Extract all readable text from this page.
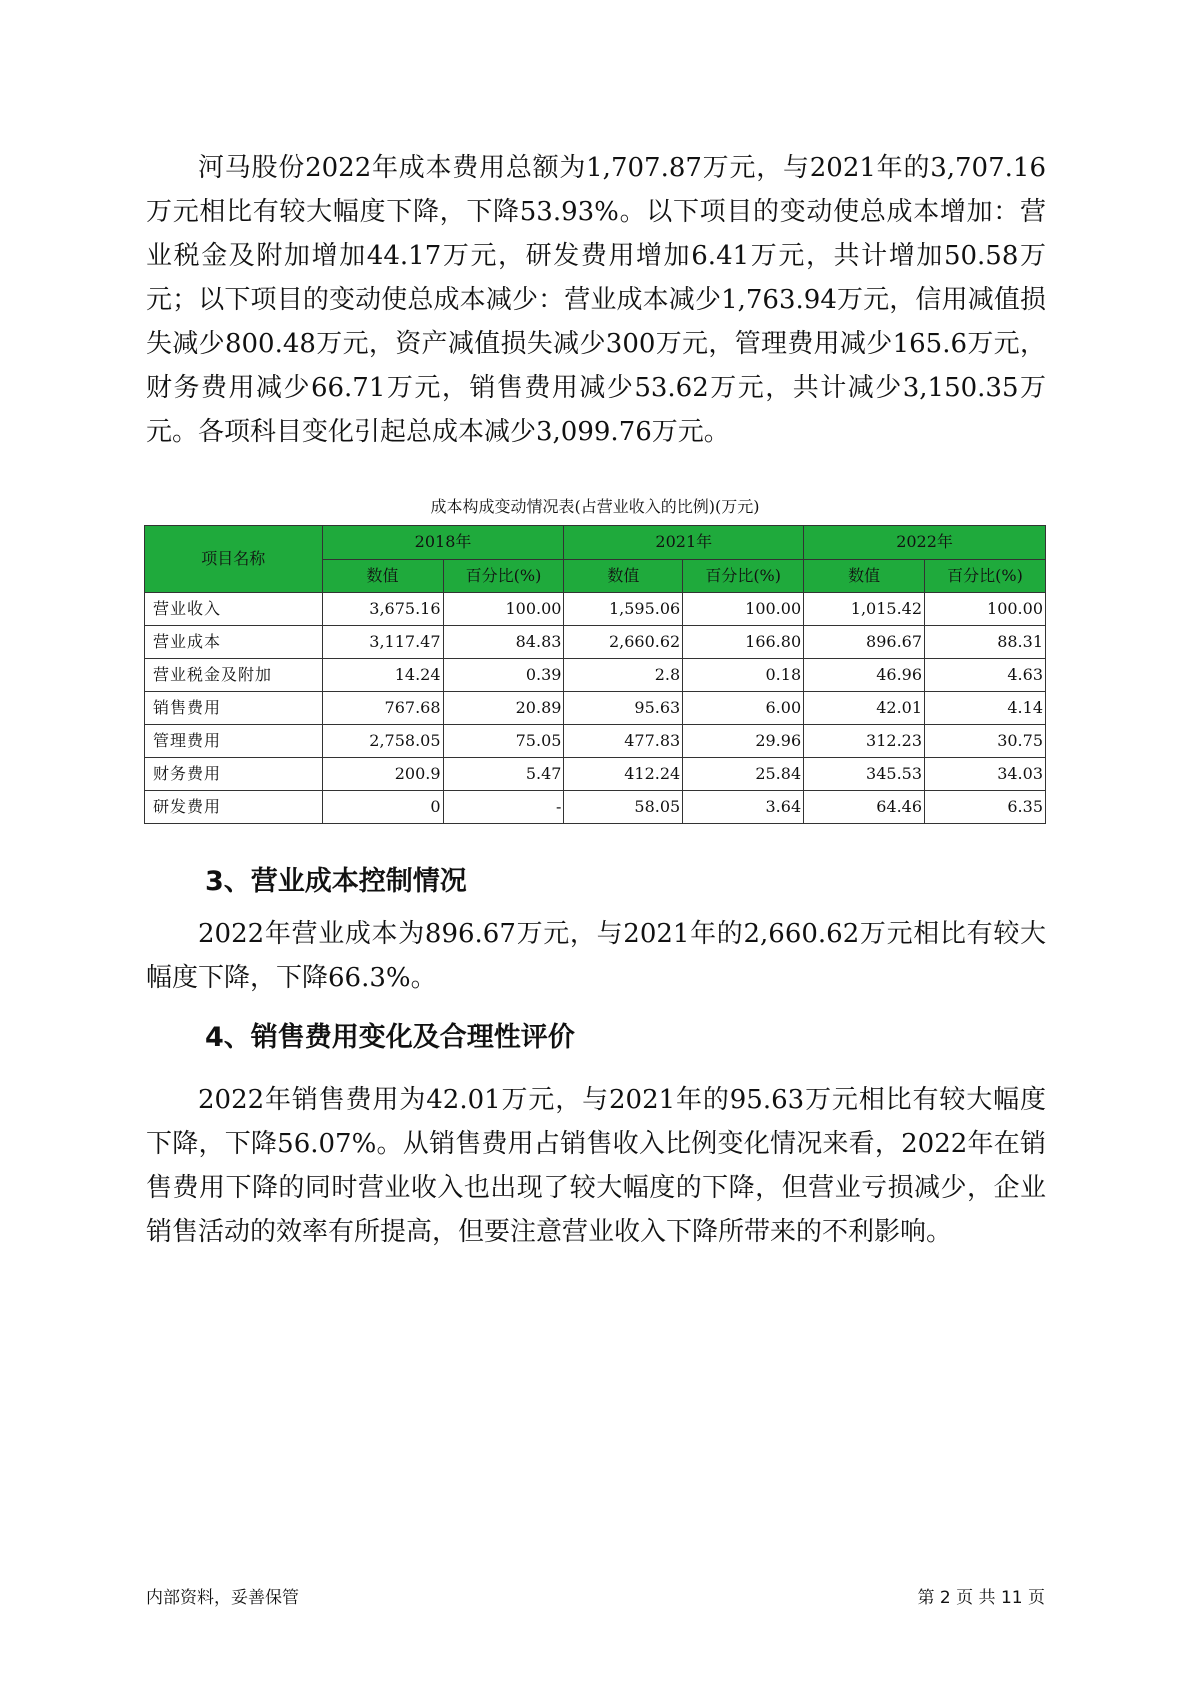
河马股份2022年成本费用总额为1,707.87万元，与2021年的3,707.16万元相比有较大幅度下降，下降53.93%。以下项目的变动使总成本增加：营业税金及附加增加44.17万元，研发费用增加6.41万元，共计增加50.58万元；以下项目的变动使总成本减少：营业成本减少1,763.94万元，信用减值损失减少800.48万元，资产减值损失减少300万元，管理费用减少165.6万元，财务费用减少66.71万元，销售费用减少53.62万元，共计减少3,150.35万元。各项科目变化引起总成本减少3,099.76万元。

成本构成变动情况表(占营业收入的比例)(万元)
项目名称	2018年		2021年		2022年	
	数值	百分比(%)	数值	百分比(%)	数值	百分比(%)
营业收入	3,675.16	100.00	1,595.06	100.00	1,015.42	100.00
营业成本	3,117.47	84.83	2,660.62	166.80	896.67	88.31
营业税金及附加	14.24	0.39	2.8	0.18	46.96	4.63
销售费用	767.68	20.89	95.63	6.00	42.01	4.14
管理费用	2,758.05	75.05	477.83	29.96	312.23	30.75
财务费用	200.9	5.47	412.24	25.84	345.53	34.03
研发费用	0	-	58.05	3.64	64.46	6.35
3、营业成本控制情况

2022年营业成本为896.67万元，与2021年的2,660.62万元相比有较大幅度下降，下降66.3%。

4、销售费用变化及合理性评价

2022年销售费用为42.01万元，与2021年的95.63万元相比有较大幅度下降，下降56.07%。从销售费用占销售收入比例变化情况来看，2022年在销售费用下降的同时营业收入也出现了较大幅度的下降，但营业亏损减少，企业销售活动的效率有所提高，但要注意营业收入下降所带来的不利影响。

内部资料，妥善保管	第 2 页 共 11 页
